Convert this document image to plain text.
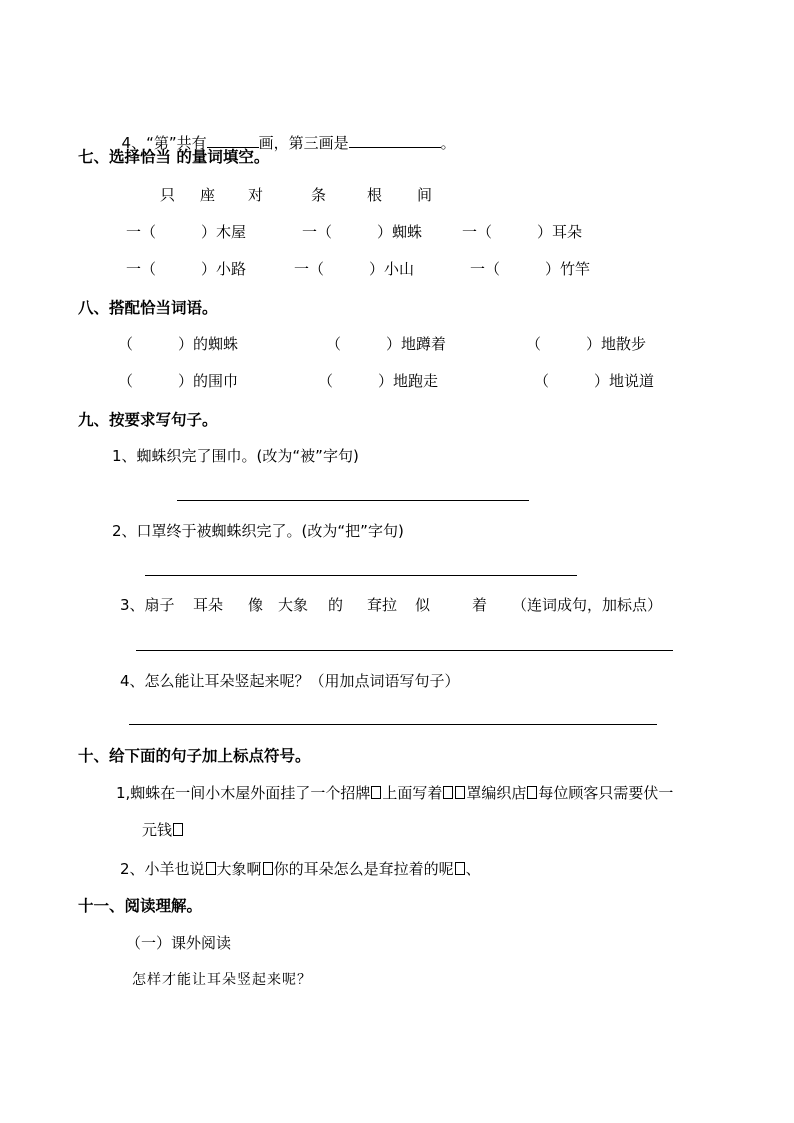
4、“第”共有	画，第三画是	。

七、选择恰当 的量词填空。
只 座 对	条	根 间
一（　　　）木屋	一（　　　）蜘蛛	一（　　　）耳朵
一（　　　）小路	一（　　　）小山	一（　　　）竹竿
八、搭配恰当词语。
（　　　）的蜘蛛	（　　　）地蹲着	（　　　）地散步
（　　　）的围巾	（　　　）地跑走	（　　　）地说道
九、按要求写句子。
1、蜘蛛织完了围巾。(改为“被”字句)
2、口罩终于被蜘蛛织完了。(改为“把”字句)
3、扇子 耳朵 像 大象 的 耷拉 似	着 （连词成句，加标点）
4、怎么能让耳朵竖起来呢？（用加点词语写句子）
十、给下面的句子加上标点符号。
1,蜘蛛在一间小木屋外面挂了一个招牌 上面写着 罩编织店 每位顾客只需要伏一
元钱
2、小羊也说 大象啊 你的耳朵怎么是耷拉着的呢 、
十一、阅读理解。
（一）课外阅读
怎样才能让耳朵竖起来呢？
